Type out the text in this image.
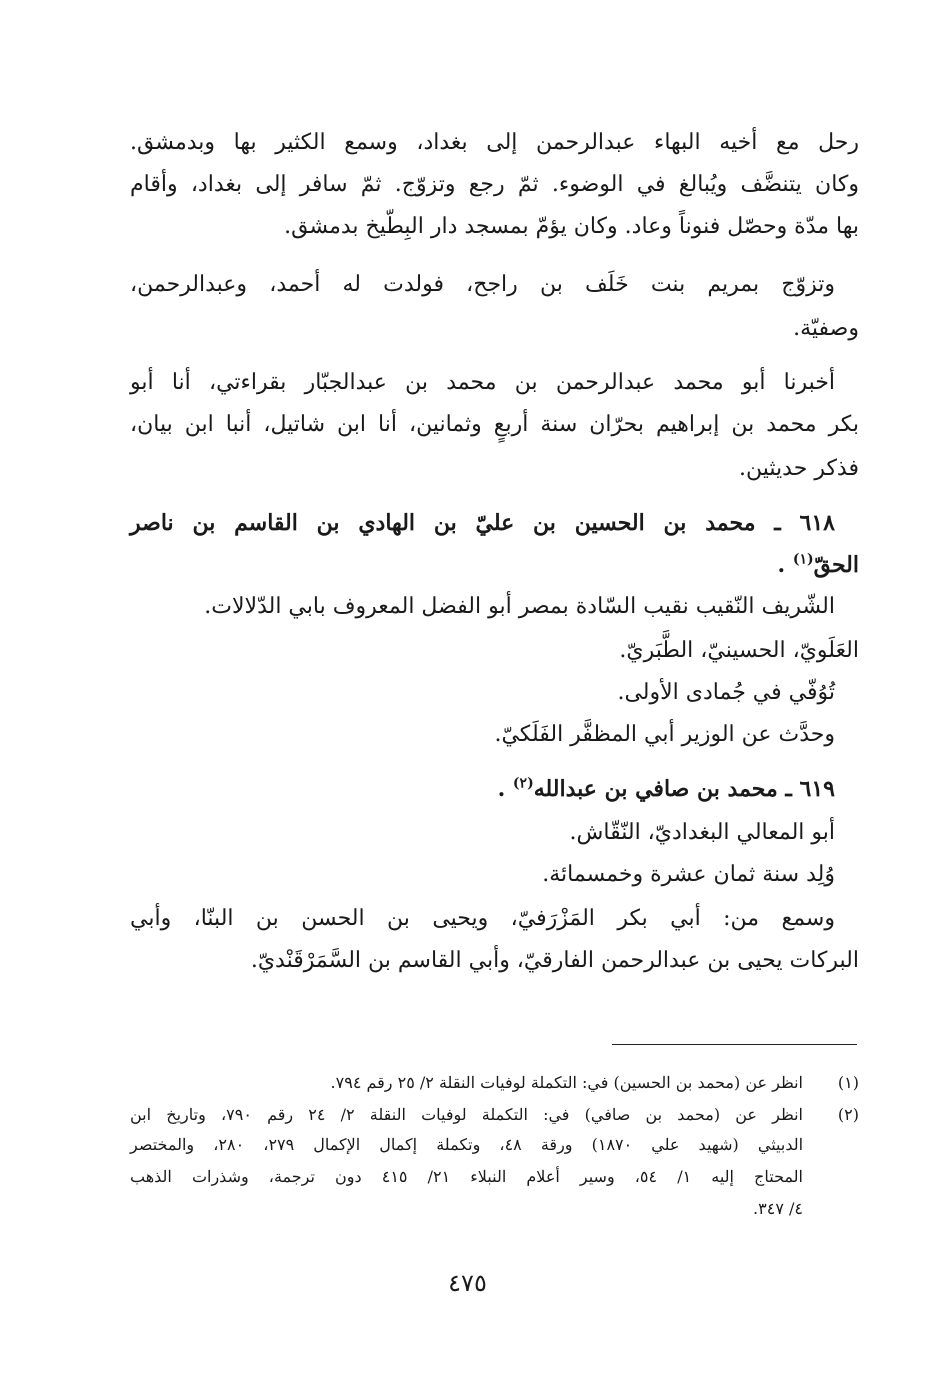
رحل مع أخيه البهاء عبدالرحمن إلى بغداد، وسمع الكثير بها وبدمشق.
وكان يتنضَّف ويُبالغ في الوضوء. ثمّ رجع وتزوّج. ثمّ سافر إلى بغداد، وأقام
بها مدّة وحصّل فنوناً وعاد. وكان يؤمّ بمسجد دار البِطّيخ بدمشق.
وتزوّج بمريم بنت خَلَف بن راجح، فولدت له أحمد، وعبدالرحمن،
وصفيّة.
أخبرنا أبو محمد عبدالرحمن بن محمد بن عبدالجبّار بقراءتي، أنا أبو
بكر محمد بن إبراهيم بحرّان سنة أربعٍ وثمانين، أنا ابن شاتيل، أنبا ابن بيان،
فذكر حديثين.
٦١٨ ـ محمد بن الحسين بن عليّ بن الهادي بن القاسم بن ناصر
الحقّ$^{(١)}$ .
الشّريف النّقيب نقيب السّادة بمصر أبو الفضل المعروف بابي الدّلالات.
العَلَويّ، الحسينيّ، الطَّبَريّ.
تُوُفّي في جُمادى الأولى.
وحدَّث عن الوزير أبي المظفَّر الفَلَكيّ.
٦١٩ ـ محمد بن صافي بن عبدالله$^{(٢)}$ .
أبو المعالي البغداديّ، النّقّاش.
وُلِد سنة ثمان عشرة وخمسمائة.
وسمع من: أبي بكر المَزْرَفيّ، ويحيى بن الحسن بن البنّا، وأبي
البركات يحيى بن عبدالرحمن الفارقيّ، وأبي القاسم بن السَّمَرْقَنْديّ.
(١)
انظر عن (محمد بن الحسين) في: التكملة لوفيات النقلة ٢/ ٢٥ رقم ٧٩٤.
(٢)
انظر عن (محمد بن صافي) في: التكملة لوفيات النقلة ٢/ ٢٤ رقم ٧٩٠، وتاريخ ابن
الدبيثي (شهيد علي ١٨٧٠) ورقة ٤٨، وتكملة إكمال الإكمال ٢٧٩، ٢٨٠، والمختصر
المحتاج إليه ١/ ٥٤، وسير أعلام النبلاء ٢١/ ٤١٥ دون ترجمة، وشذرات الذهب
٤/ ٣٤٧.
٤٧٥
